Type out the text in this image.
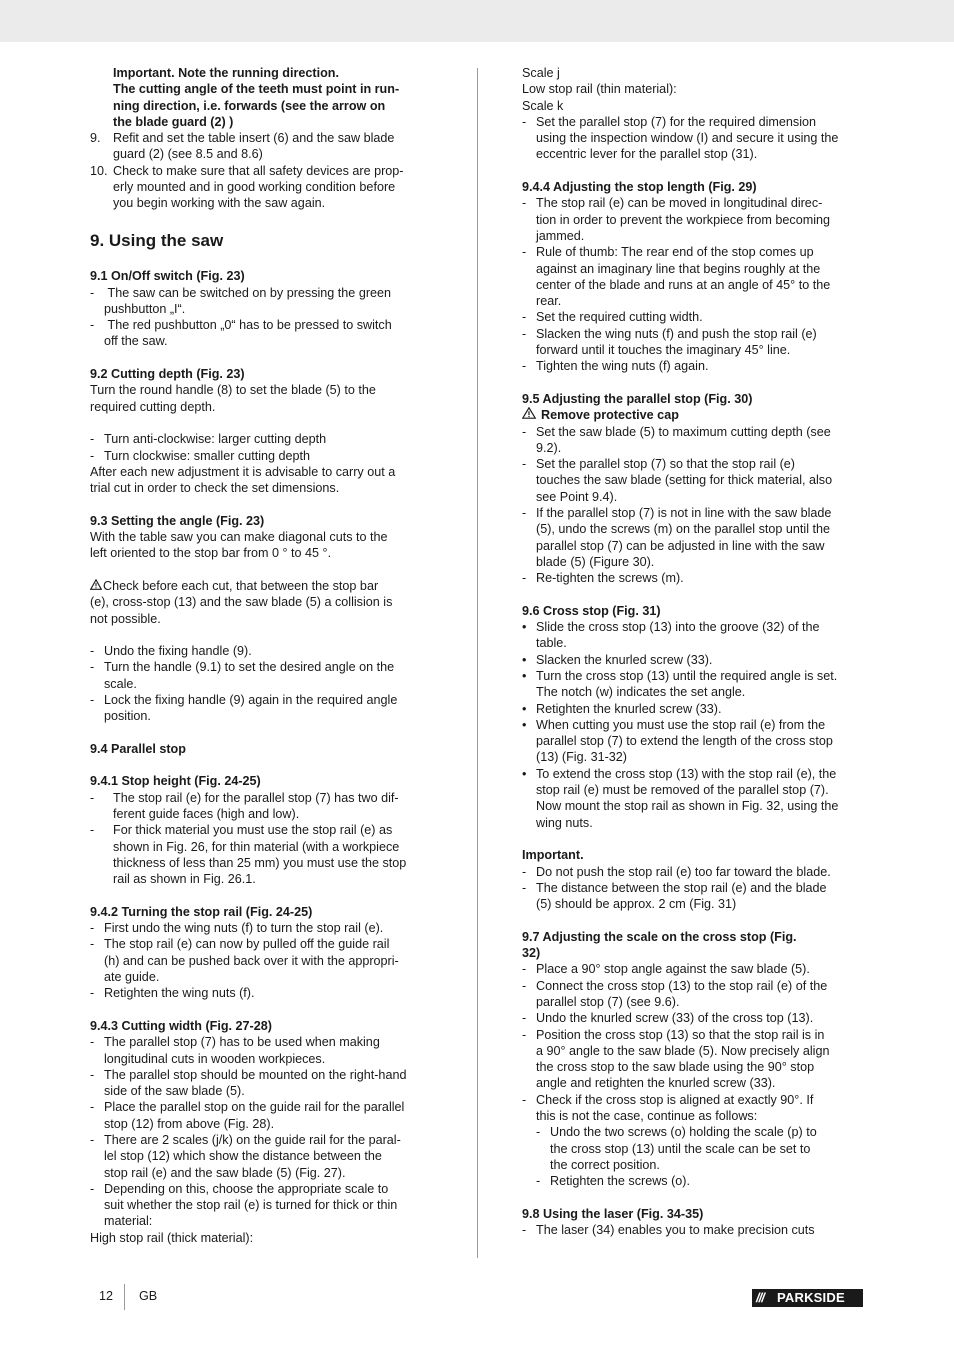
Important. Note the running direction.
The cutting angle of the teeth must point in run-
ning direction, i.e. forwards (see the arrow on
the blade guard (2) )
9. Refit and set the table insert (6) and the saw blade
guard (2) (see 8.5 and 8.6)
10. Check to make sure that all safety devices are prop-
erly mounted and in good working condition before
you begin working with the saw again.
9. Using the saw
9.1 On/Off switch (Fig. 23)
- The saw can be switched on by pressing the green
pushbutton „I“.
- The red pushbutton „0“ has to be pressed to switch
off the saw.
9.2 Cutting depth (Fig. 23)
Turn the round handle (8) to set the blade (5) to the
required cutting depth.
- Turn anti-clockwise: larger cutting depth
- Turn clockwise: smaller cutting depth
After each new adjustment it is advisable to carry out a
trial cut in order to check the set dimensions.
9.3 Setting the angle (Fig. 23)
With the table saw you can make diagonal cuts to the
left oriented to the stop bar from 0 ° to 45 °.
Check before each cut, that between the stop bar
(e), cross-stop (13) and the saw blade (5) a collision is
not possible.
- Undo the fixing handle (9).
- Turn the handle (9.1) to set the desired angle on the
scale.
- Lock the fixing handle (9) again in the required angle
position.
9.4 Parallel stop
9.4.1 Stop height (Fig. 24-25)
- The stop rail (e) for the parallel stop (7) has two dif-
ferent guide faces (high and low).
- For thick material you must use the stop rail (e) as
shown in Fig. 26, for thin material (with a workpiece
thickness of less than 25 mm) you must use the stop
rail as shown in Fig. 26.1.
9.4.2 Turning the stop rail (Fig. 24-25)
- First undo the wing nuts (f) to turn the stop rail (e).
- The stop rail (e) can now by pulled off the guide rail
(h) and can be pushed back over it with the appropri-
ate guide.
- Retighten the wing nuts (f).
9.4.3 Cutting width (Fig. 27-28)
- The parallel stop (7) has to be used when making
longitudinal cuts in wooden workpieces.
- The parallel stop should be mounted on the right-hand
side of the saw blade (5).
- Place the parallel stop on the guide rail for the parallel
stop (12) from above (Fig. 28).
- There are 2 scales (j/k) on the guide rail for the paral-
lel stop (12) which show the distance between the
stop rail (e) and the saw blade (5) (Fig. 27).
- Depending on this, choose the appropriate scale to
suit whether the stop rail (e) is turned for thick or thin
material:
High stop rail (thick material):
Scale j
Low stop rail (thin material):
Scale k
- Set the parallel stop (7) for the required dimension
using the inspection window (I) and secure it using the
eccentric lever for the parallel stop (31).
9.4.4 Adjusting the stop length (Fig. 29)
- The stop rail (e) can be moved in longitudinal direc-
tion in order to prevent the workpiece from becoming
jammed.
- Rule of thumb: The rear end of the stop comes up
against an imaginary line that begins roughly at the
center of the blade and runs at an angle of 45° to the
rear.
- Set the required cutting width.
- Slacken the wing nuts (f) and push the stop rail (e)
forward until it touches the imaginary 45° line.
- Tighten the wing nuts (f) again.
9.5 Adjusting the parallel stop (Fig. 30)
Remove protective cap
- Set the saw blade (5) to maximum cutting depth (see
9.2).
- Set the parallel stop (7) so that the stop rail (e)
touches the saw blade (setting for thick material, also
see Point 9.4).
- If the parallel stop (7) is not in line with the saw blade
(5), undo the screws (m) on the parallel stop until the
parallel stop (7) can be adjusted in line with the saw
blade (5) (Figure 30).
- Re-tighten the screws (m).
9.6 Cross stop (Fig. 31)
• Slide the cross stop (13) into the groove (32) of the
table.
• Slacken the knurled screw (33).
• Turn the cross stop (13) until the required angle is set.
The notch (w) indicates the set angle.
• Retighten the knurled screw (33).
• When cutting you must use the stop rail (e) from the
parallel stop (7) to extend the length of the cross stop
(13) (Fig. 31-32)
• To extend the cross stop (13) with the stop rail (e), the
stop rail (e) must be removed of the parallel stop (7).
Now mount the stop rail as shown in Fig. 32, using the
wing nuts.
Important.
- Do not push the stop rail (e) too far toward the blade.
- The distance between the stop rail (e) and the blade
(5) should be approx. 2 cm (Fig. 31)
9.7 Adjusting the scale on the cross stop (Fig.
32)
- Place a 90° stop angle against the saw blade (5).
- Connect the cross stop (13) to the stop rail (e) of the
parallel stop (7) (see 9.6).
- Undo the knurled screw (33) of the cross top (13).
- Position the cross stop (13) so that the stop rail is in
a 90° angle to the saw blade (5). Now precisely align
the cross stop to the saw blade using the 90° stop
angle and retighten the knurled screw (33).
- Check if the cross stop is aligned at exactly 90°. If
this is not the case, continue as follows:
- Undo the two screws (o) holding the scale (p) to
the cross stop (13) until the scale can be set to
the correct position.
- Retighten the screws (o).
9.8 Using the laser (Fig. 34-35)
- The laser (34) enables you to make precision cuts
12 GB	/// PARKSIDE
